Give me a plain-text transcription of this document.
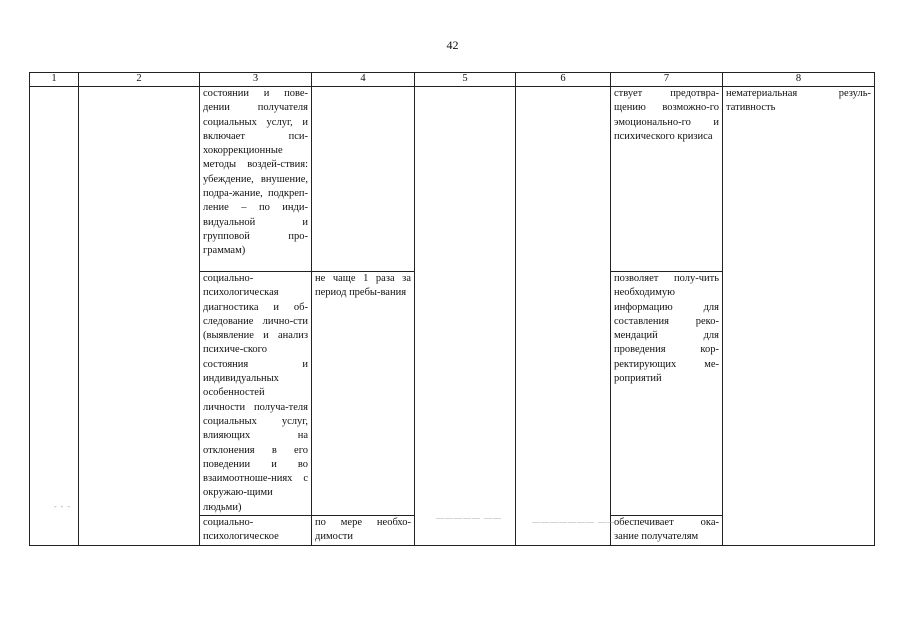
42
1	2	3	4	5	6	7	8
		состоянии и пове-дении получателя социальных услуг, и включает пси-хокоррекционные методы воздей-ствия: убеждение, внушение, подра-жание, подкреп-ление – по инди-видуальной и групповой про-граммам)				ствует предотвра-щению возможно-го эмоционально-го и психического кризиса	нематериальная резуль-тативность
		социально-психологическая диагностика и об-следование лично-сти (выявление и анализ психиче-ского состояния и индивидуальных особенностей личности получа-теля социальных услуг, влияющих на отклонения в его поведении и во взаимоотноше-ниях с окружаю-щими людьми)	не чаще 1 раза за период пребы-вания			позволяет полу-чить необходимую информацию для составления реко-мендаций для проведения кор-ректирующих ме-роприятий	
		социально-психологическое	по мере необхо-димости			обеспечивает ока-зание получателям	
- - -
————— ——	——————— ——
